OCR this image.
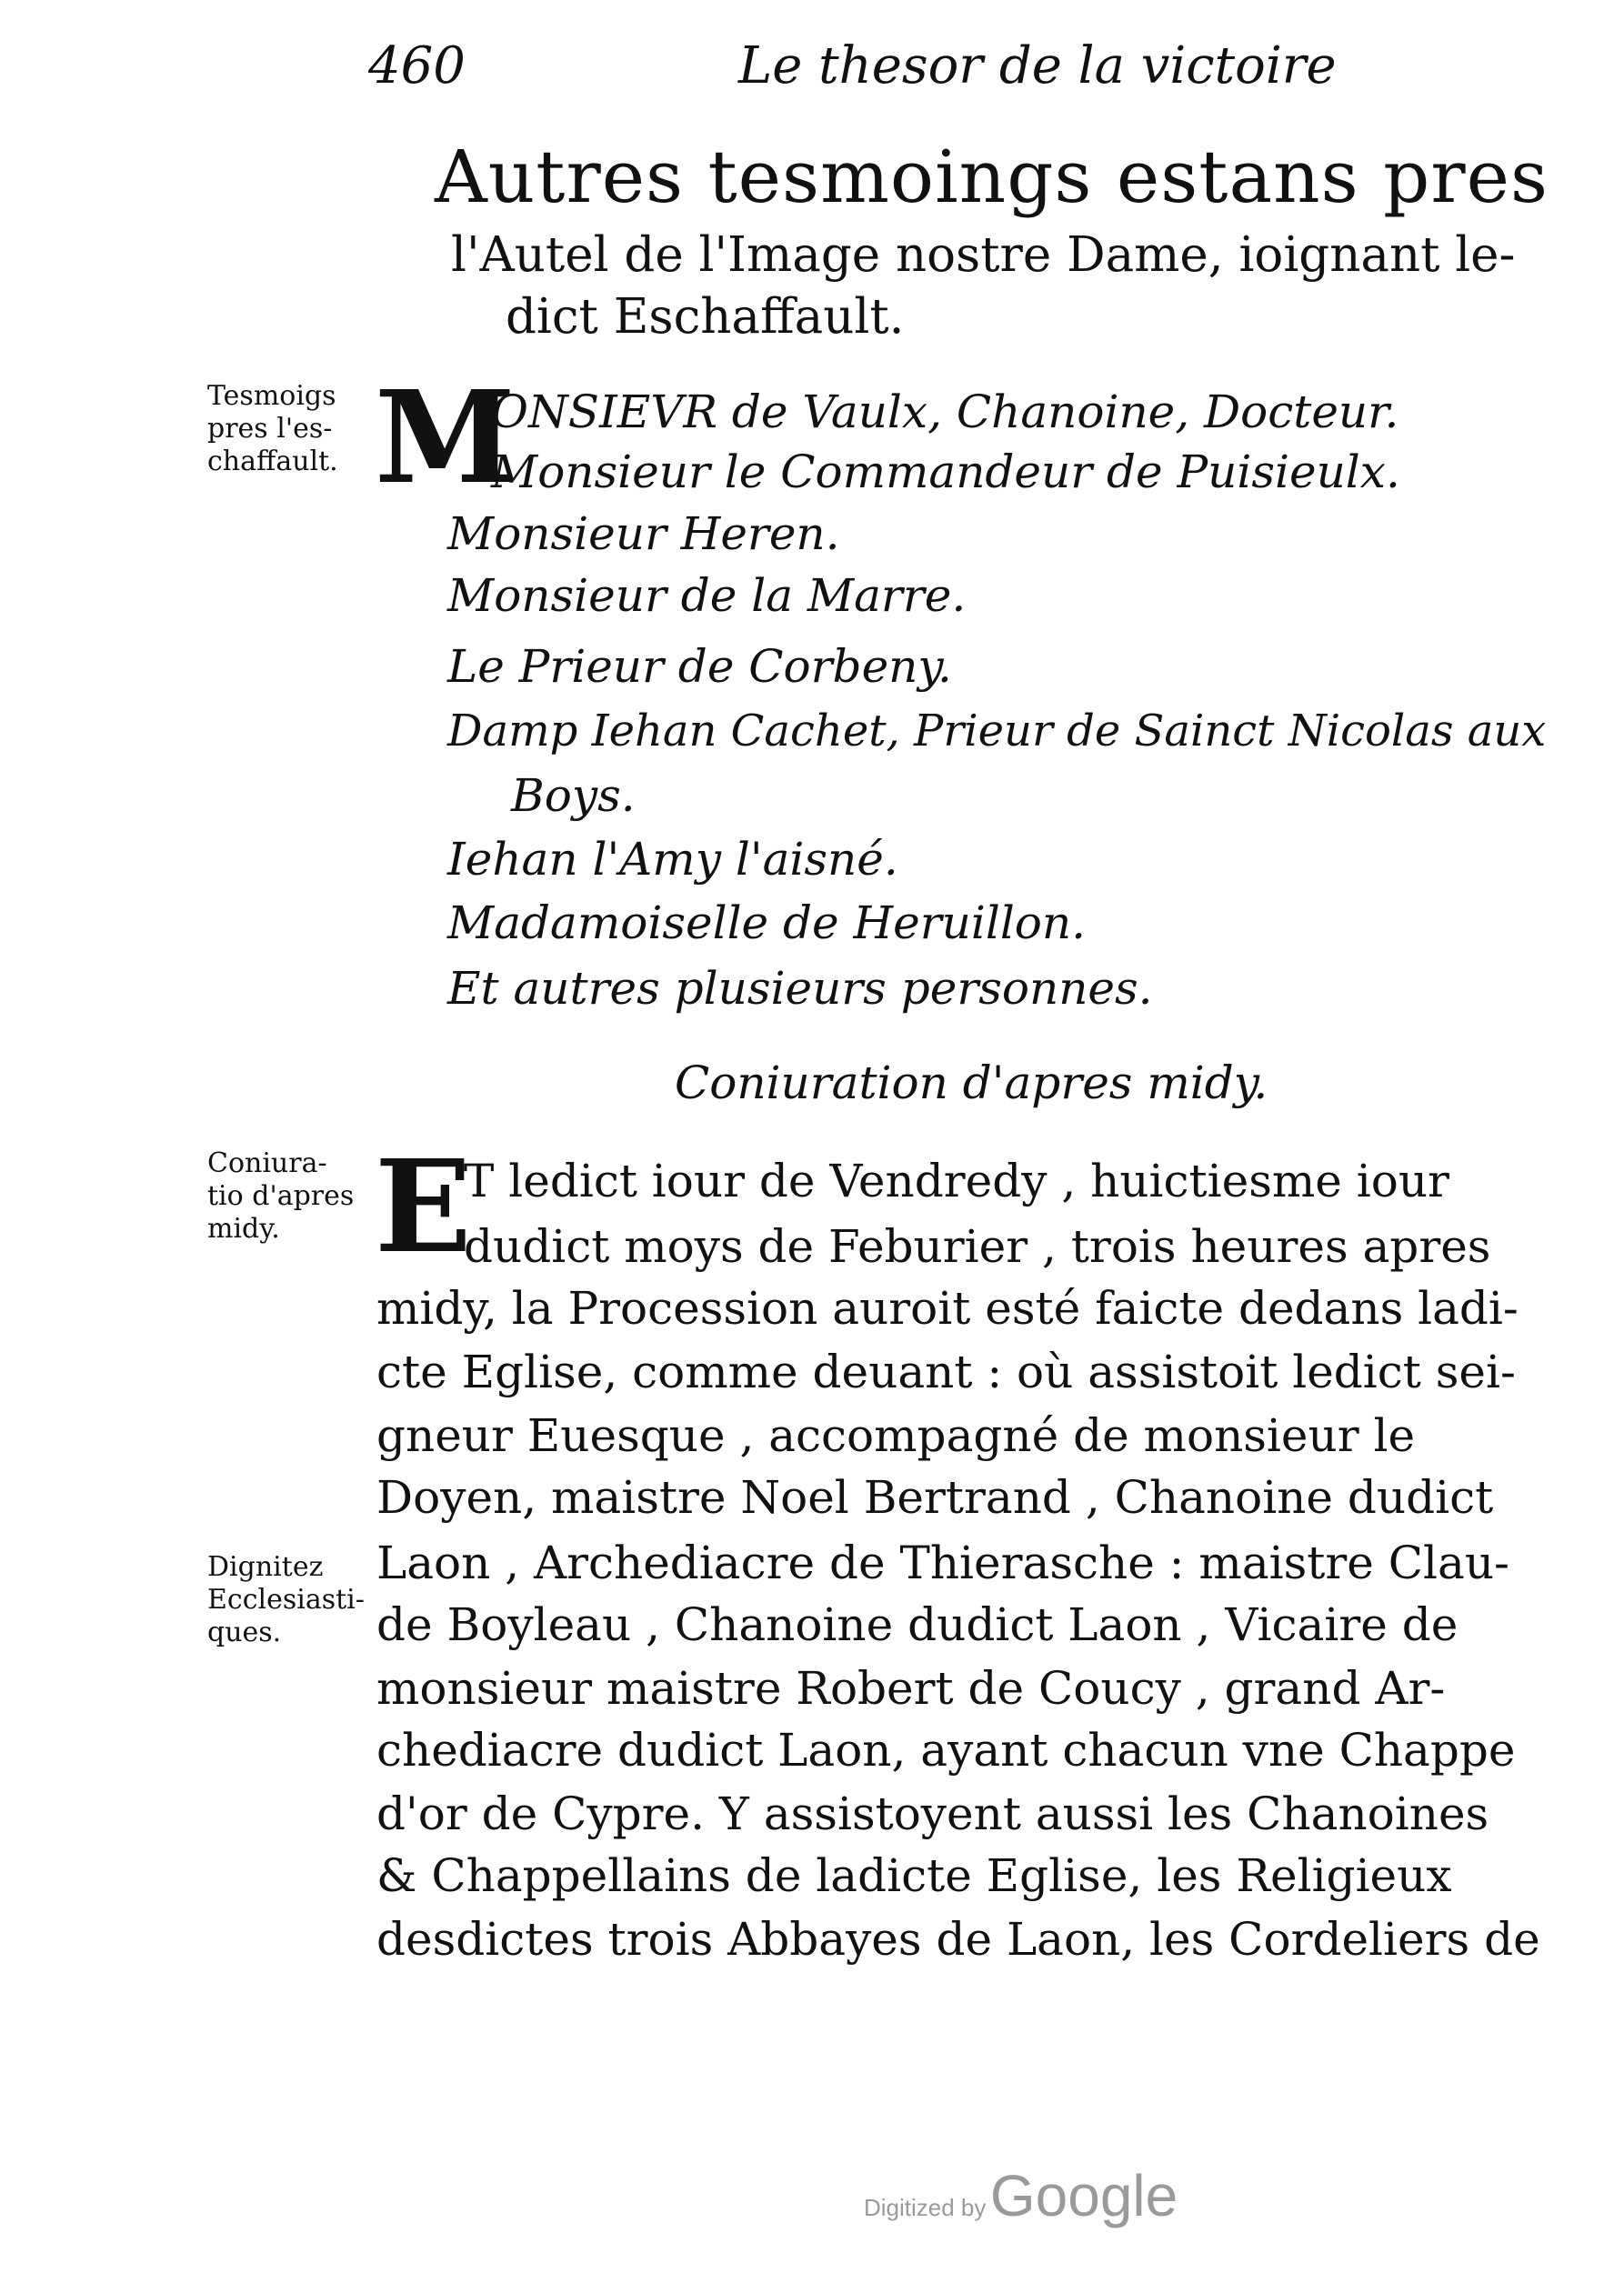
460	Le thesor de la victoire
Autres tesmoings estans pres
l'Autel de l'Image nostre Dame, ioignant le-
dict Eschaffault.
Tesmoigs
pres l'es-
chaffault. M
ONSIEVR de Vaulx, Chanoine, Docteur.
Monsieur le Commandeur de Puisieulx.
Monsieur Heren.
Monsieur de la Marre.
Le Prieur de Corbeny.
Damp Iehan Cachet, Prieur de Sainct Nicolas aux
Boys.
Iehan l'Amy l'aisné.
Madamoiselle de Heruillon.
Et autres plusieurs personnes.
Coniuration d'apres midy.
Coniura-
tio d'apres
midy. E
T ledict iour de Vendredy , huictiesme iour
dudict moys de Feburier , trois heures apres
midy, la Procession auroit esté faicte dedans ladi-
cte Eglise, comme deuant : où assistoit ledict sei-
gneur Euesque , accompagné de monsieur le
Doyen, maistre Noel Bertrand , Chanoine dudict
Laon , Archediacre de Thierasche : maistre Clau-
de Boyleau , Chanoine dudict Laon , Vicaire de
monsieur maistre Robert de Coucy , grand Ar-
chediacre dudict Laon, ayant chacun vne Chappe
d'or de Cypre. Y assistoyent aussi les Chanoines
& Chappellains de ladicte Eglise, les Religieux
desdictes trois Abbayes de Laon, les Cordeliers de
Dignitez
Ecclesiasti-
ques.
Digitized by Google
